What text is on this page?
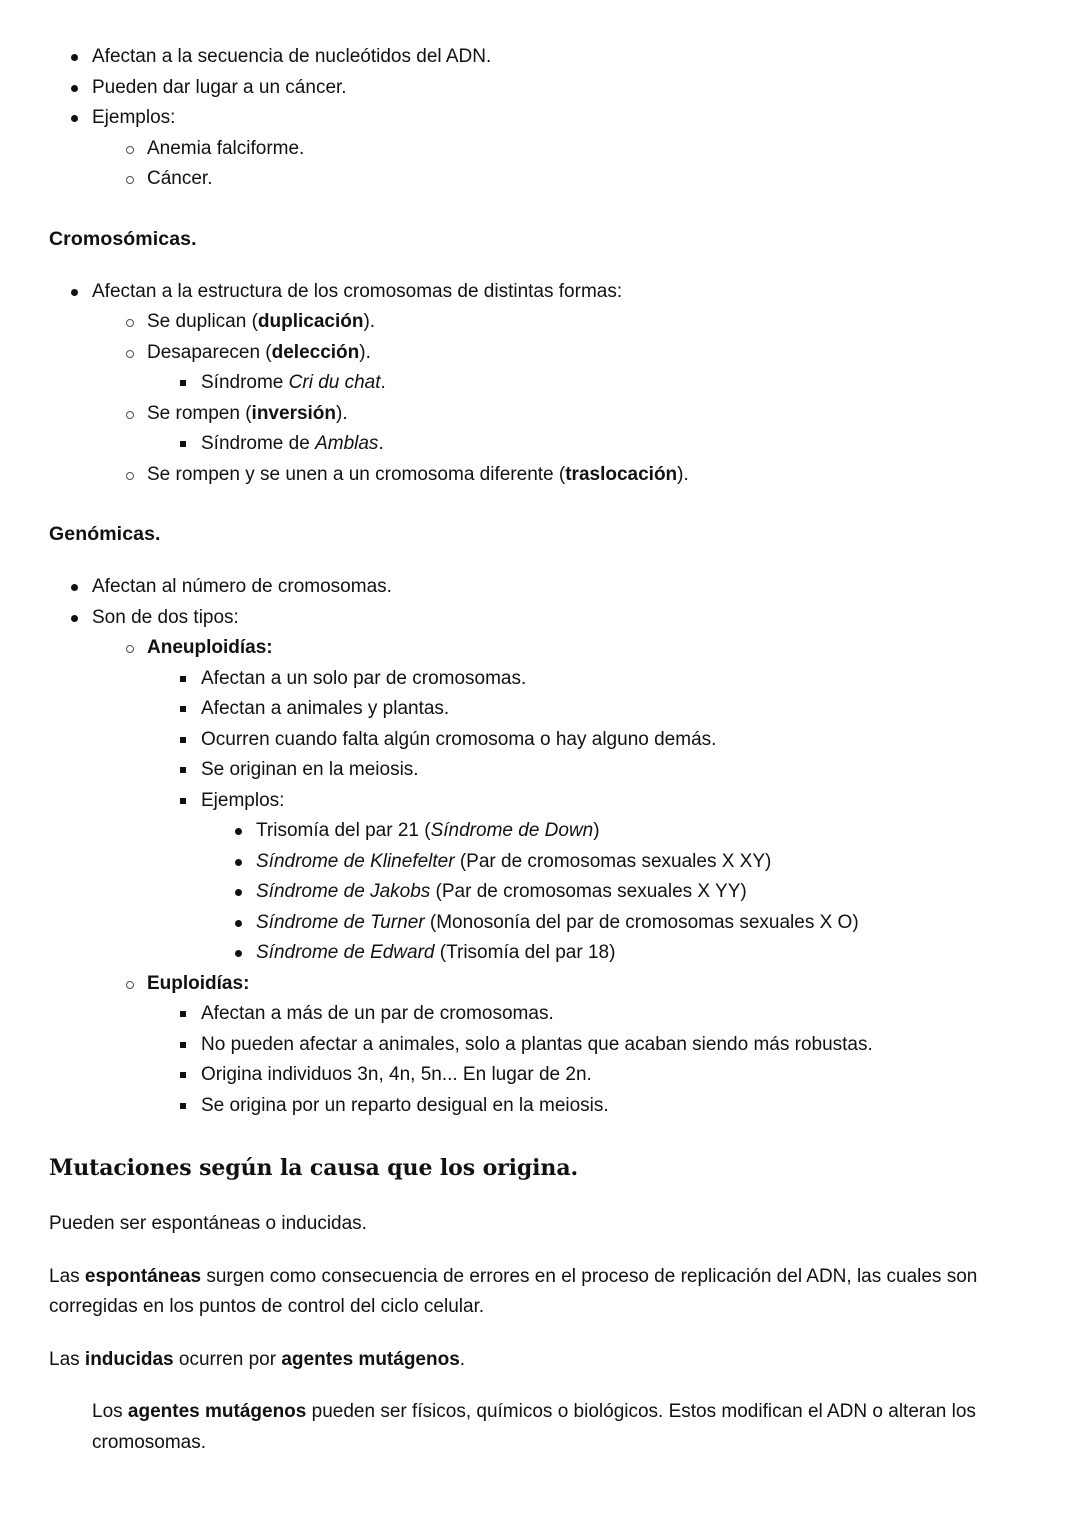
Afectan a la secuencia de nucleótidos del ADN.
Pueden dar lugar a un cáncer.
Ejemplos:
Anemia falciforme.
Cáncer.
Cromosómicas.
Afectan a la estructura de los cromosomas de distintas formas:
Se duplican (duplicación).
Desaparecen (delección).
Síndrome Cri du chat.
Se rompen (inversión).
Síndrome de Amblas.
Se rompen y se unen a un cromosoma diferente (traslocación).
Genómicas.
Afectan al número de cromosomas.
Son de dos tipos:
Aneuploidías:
Afectan a un solo par de cromosomas.
Afectan a animales y plantas.
Ocurren cuando falta algún cromosoma o hay alguno demás.
Se originan en la meiosis.
Ejemplos:
Trisomía del par 21 (Síndrome de Down)
Síndrome de Klinefelter (Par de cromosomas sexuales X XY)
Síndrome de Jakobs (Par de cromosomas sexuales X YY)
Síndrome de Turner (Monosonía del par de cromosomas sexuales X O)
Síndrome de Edward (Trisomía del par 18)
Euploidías:
Afectan a más de un par de cromosomas.
No pueden afectar a animales, solo a plantas que acaban siendo más robustas.
Origina individuos 3n, 4n, 5n... En lugar de 2n.
Se origina por un reparto desigual en la meiosis.
Mutaciones según la causa que los origina.

Pueden ser espontáneas o inducidas.

Las espontáneas surgen como consecuencia de errores en el proceso de replicación del ADN, las cuales son corregidas en los puntos de control del ciclo celular.

Las inducidas ocurren por agentes mutágenos.

Los agentes mutágenos pueden ser físicos, químicos o biológicos. Estos modifican el ADN o alteran los cromosomas.
